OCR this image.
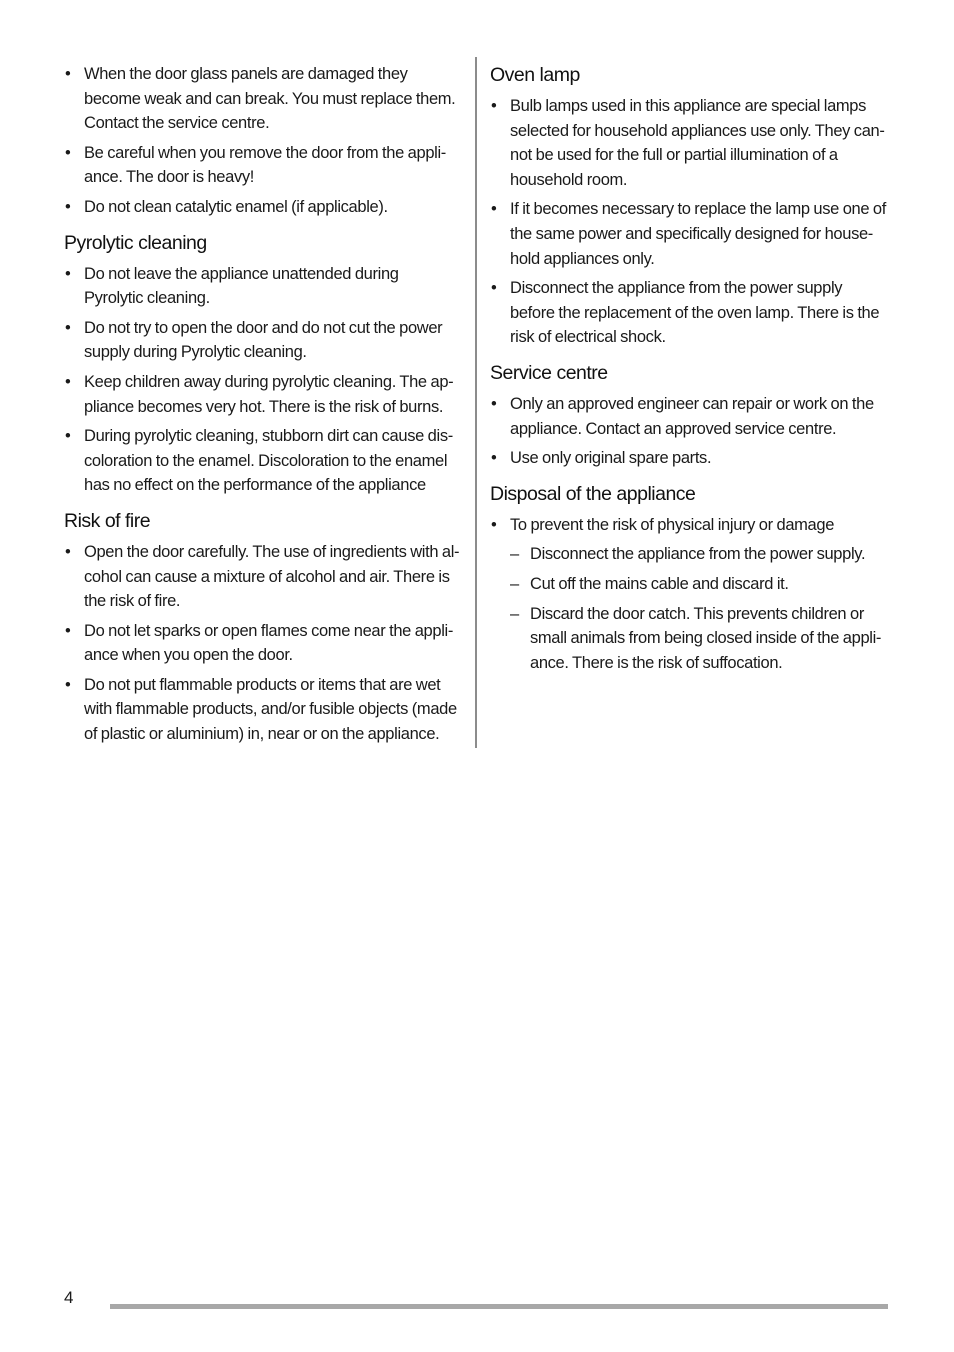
• When the door glass panels are damaged they become weak and can break. You must replace them. Contact the service centre.
• Be careful when you remove the door from the appli-ance. The door is heavy!
• Do not clean catalytic enamel (if applicable).
Pyrolytic cleaning
• Do not leave the appliance unattended during Pyrolytic cleaning.
• Do not try to open the door and do not cut the power supply during Pyrolytic cleaning.
• Keep children away during pyrolytic cleaning. The ap-pliance becomes very hot. There is the risk of burns.
• During pyrolytic cleaning, stubborn dirt can cause dis-coloration to the enamel. Discoloration to the enamel has no effect on the performance of the appliance
Risk of fire
• Open the door carefully. The use of ingredients with al-cohol can cause a mixture of alcohol and air. There is the risk of fire.
• Do not let sparks or open flames come near the appli-ance when you open the door.
• Do not put flammable products or items that are wet with flammable products, and/or fusible objects (made of plastic or aluminium) in, near or on the appliance.
Oven lamp
• Bulb lamps used in this appliance are special lamps selected for household appliances use only. They can-not be used for the full or partial illumination of a household room.
• If it becomes necessary to replace the lamp use one of the same power and specifically designed for house-hold appliances only.
• Disconnect the appliance from the power supply before the replacement of the oven lamp. There is the risk of electrical shock.
Service centre
• Only an approved engineer can repair or work on the appliance. Contact an approved service centre.
• Use only original spare parts.
Disposal of the appliance
• To prevent the risk of physical injury or damage
– Disconnect the appliance from the power supply.
– Cut off the mains cable and discard it.
– Discard the door catch. This prevents children or small animals from being closed inside of the appli-ance. There is the risk of suffocation.
4
